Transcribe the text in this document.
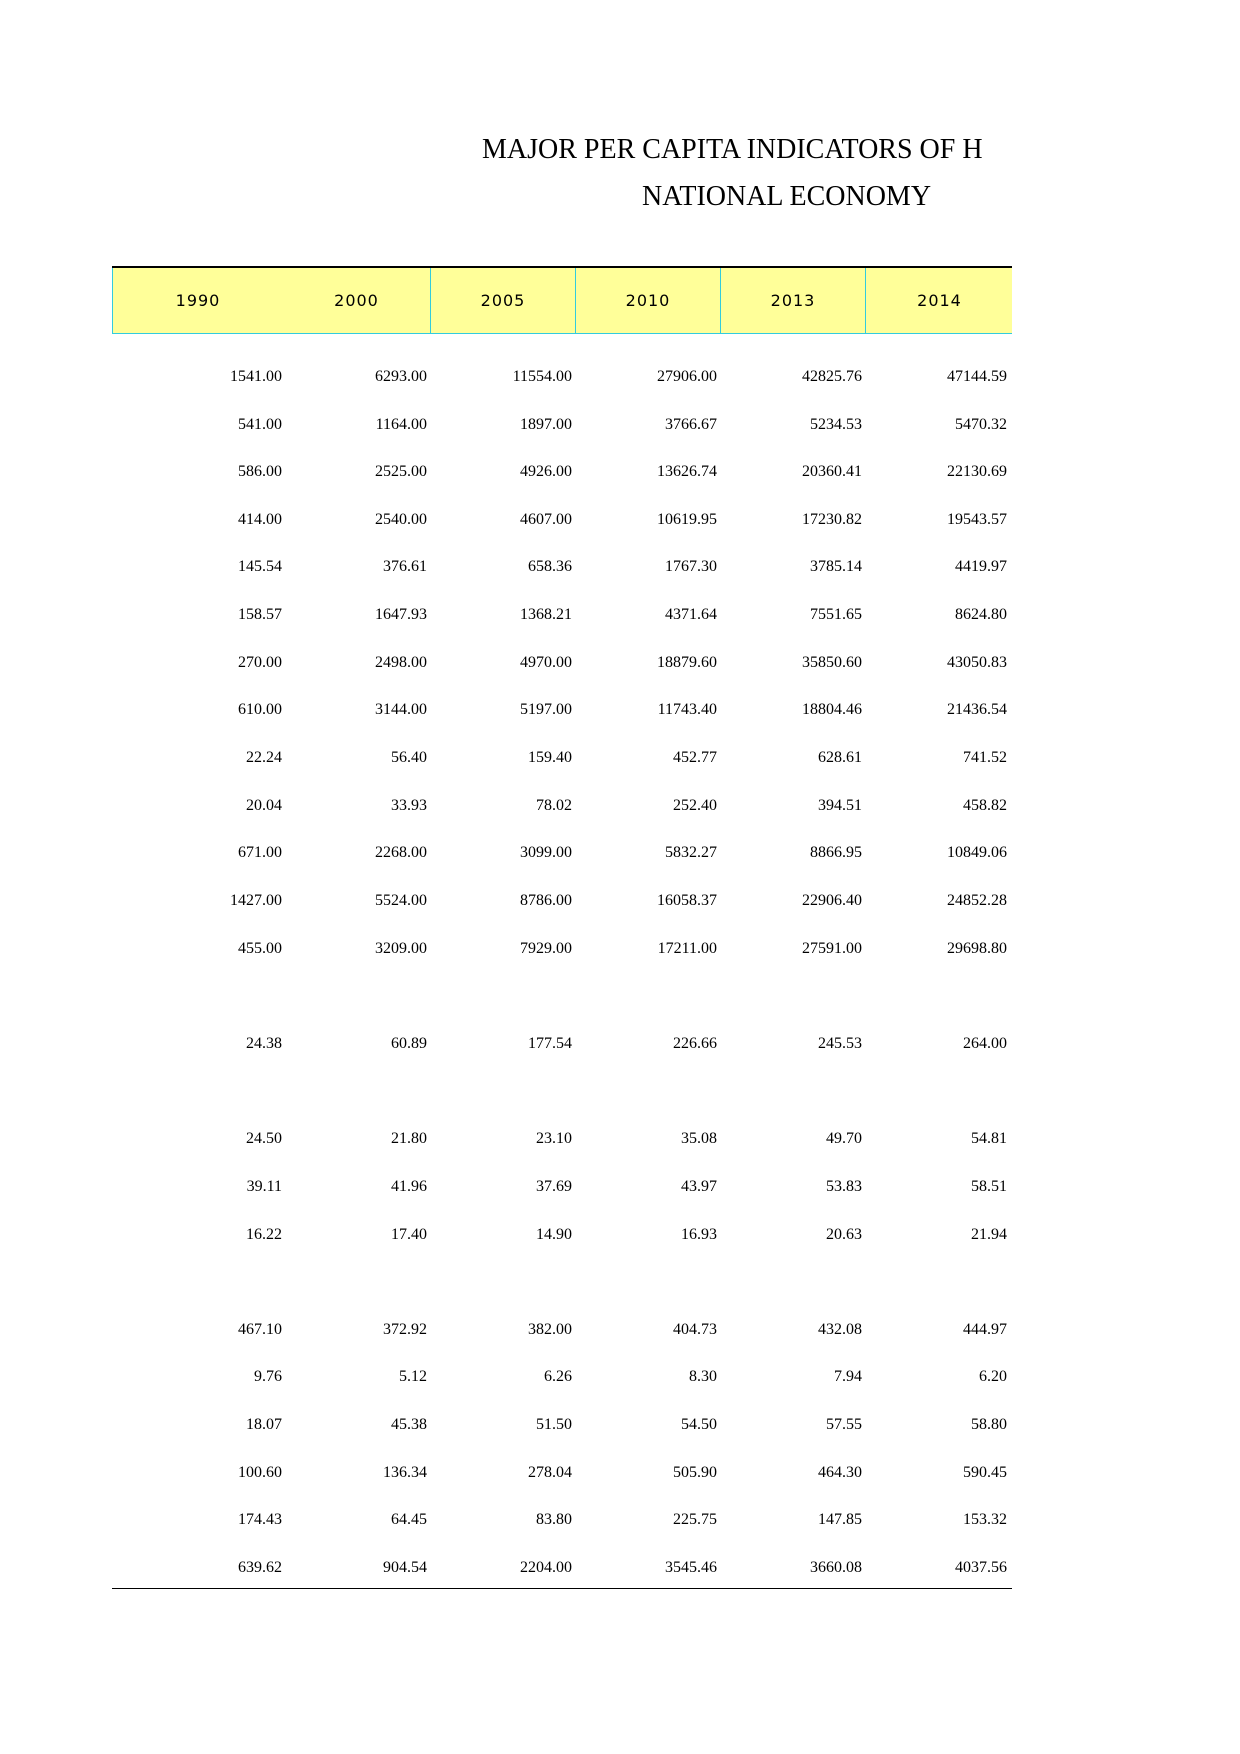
MAJOR PER CAPITA INDICATORS OF H
NATIONAL ECONOMY
1990	2000	2005	2010	2013	2014
1541.00	6293.00	11554.00	27906.00	42825.76	47144.59
541.00	1164.00	1897.00	3766.67	5234.53	5470.32
586.00	2525.00	4926.00	13626.74	20360.41	22130.69
414.00	2540.00	4607.00	10619.95	17230.82	19543.57
145.54	376.61	658.36	1767.30	3785.14	4419.97
158.57	1647.93	1368.21	4371.64	7551.65	8624.80
270.00	2498.00	4970.00	18879.60	35850.60	43050.83
610.00	3144.00	5197.00	11743.40	18804.46	21436.54
22.24	56.40	159.40	452.77	628.61	741.52
20.04	33.93	78.02	252.40	394.51	458.82
671.00	2268.00	3099.00	5832.27	8866.95	10849.06
1427.00	5524.00	8786.00	16058.37	22906.40	24852.28
455.00	3209.00	7929.00	17211.00	27591.00	29698.80
24.38	60.89	177.54	226.66	245.53	264.00
24.50	21.80	23.10	35.08	49.70	54.81
39.11	41.96	37.69	43.97	53.83	58.51
16.22	17.40	14.90	16.93	20.63	21.94
467.10	372.92	382.00	404.73	432.08	444.97
9.76	5.12	6.26	8.30	7.94	6.20
18.07	45.38	51.50	54.50	57.55	58.80
100.60	136.34	278.04	505.90	464.30	590.45
174.43	64.45	83.80	225.75	147.85	153.32
639.62	904.54	2204.00	3545.46	3660.08	4037.56
